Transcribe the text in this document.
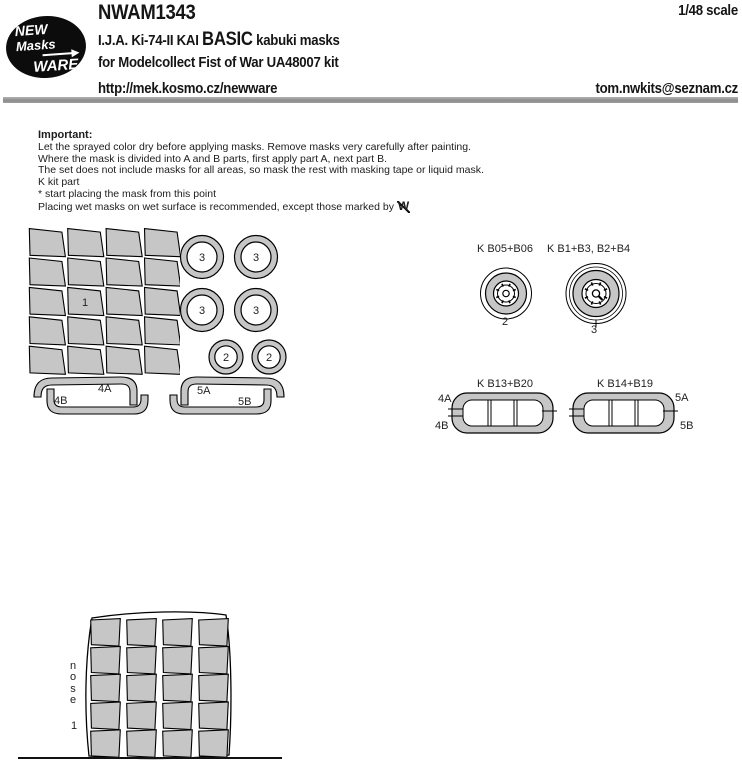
NEW Masks
WARE
NWAM1343	1/48 scale
I.J.A. Ki-74-II KAI BASIC kabuki masks
for Modelcollect Fist of War UA48007 kit
http://mek.kosmo.cz/newware	tom.nwkits@seznam.cz
Important:
Let the sprayed color dry before applying masks. Remove masks very carefully after painting.
Where the mask is divided into A and B parts, first apply part A, next part B.
The set does not include masks for all areas, so mask the rest with masking tape or liquid mask.
K kit part
* start placing the mask from this point
Placing wet masks on wet surface is recommended, except those marked by W
1
3	3
3	3
2	2
4A
4B
5A
5B
K B05+B06 K B1+B3, B2+B4
2
3
K B13+B20	K B14+B19
4A
4B
5A
5B
nose
1
